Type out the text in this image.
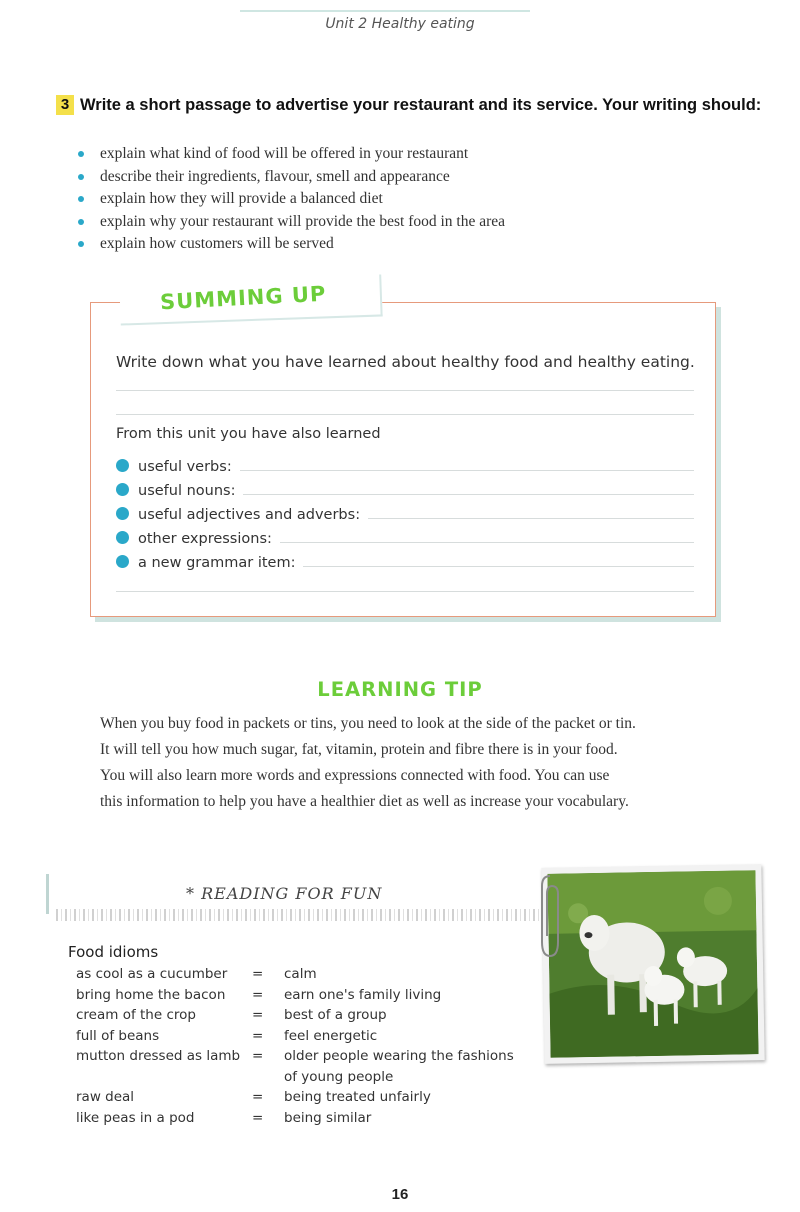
Unit 2 Healthy eating
3 Write a short passage to advertise your restaurant and its service. Your writing should:
explain what kind of food will be offered in your restaurant
describe their ingredients, flavour, smell and appearance
explain how they will provide a balanced diet
explain why your restaurant will provide the best food in the area
explain how customers will be served
SUMMING UP
Write down what you have learned about healthy food and healthy eating.
From this unit you have also learned
useful verbs:
useful nouns:
useful adjectives and adverbs:
other expressions:
a new grammar item:
LEARNING TIP
When you buy food in packets or tins, you need to look at the side of the packet or tin.
It will tell you how much sugar, fat, vitamin, protein and fibre there is in your food.
You will also learn more words and expressions connected with food. You can use
this information to help you have a healthier diet as well as increase your vocabulary.
* READING FOR FUN
Food idioms
as cool as a cucumber	=	calm
bring home the bacon	=	earn one's family living
cream of the crop	=	best of a group
full of beans	=	feel energetic
mutton dressed as lamb	=	older people wearing the fashions
		of young people
raw deal	=	being treated unfairly
like peas in a pod	=	being similar
16
